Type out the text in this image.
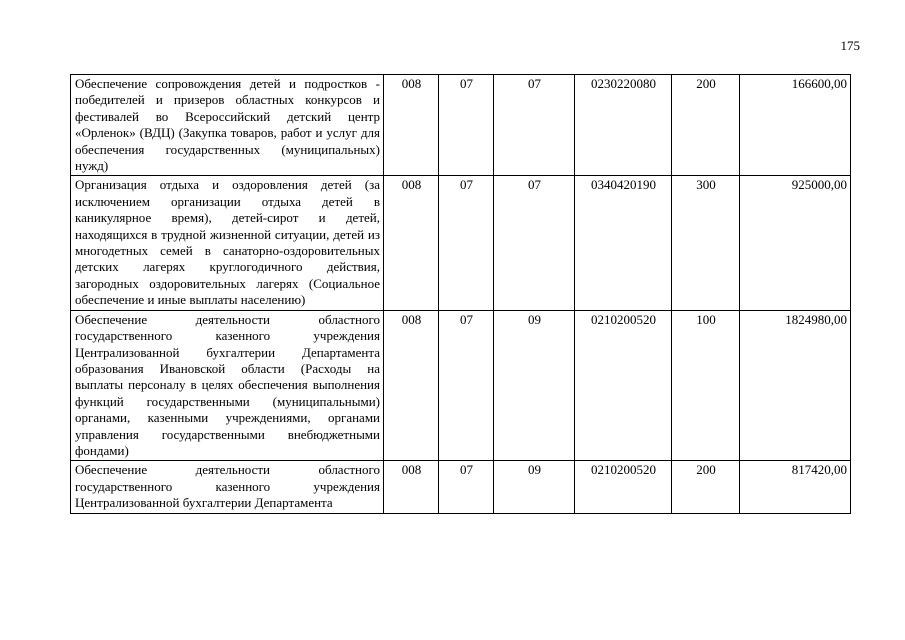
175
Обеспечение сопровождения детей и подростков - победителей и призеров областных конкурсов и фестивалей во Всероссийский детский центр «Орленок» (ВДЦ) (Закупка товаров, работ и услуг для обеспечения государственных (муниципальных) нужд)	008	07	07	0230220080	200	166600,00
Организация отдыха и оздоровления детей (за исключением организации отдыха детей в каникулярное время), детей-сирот и детей, находящихся в трудной жизненной ситуации, детей из многодетных семей в санаторно-оздоровительных детских лагерях круглогодичного действия, загородных оздоровительных лагерях (Социальное обеспечение и иные выплаты населению)	008	07	07	0340420190	300	925000,00
Обеспечение деятельности областного государственного казенного учреждения Централизованной бухгалтерии Департамента образования Ивановской области (Расходы на выплаты персоналу в целях обеспечения выполнения функций государственными (муниципальными) органами, казенными учреждениями, органами управления государственными внебюджетными фондами)	008	07	09	0210200520	100	1824980,00
Обеспечение деятельности областного государственного казенного учреждения Централизованной бухгалтерии Департамента	008	07	09	0210200520	200	817420,00
